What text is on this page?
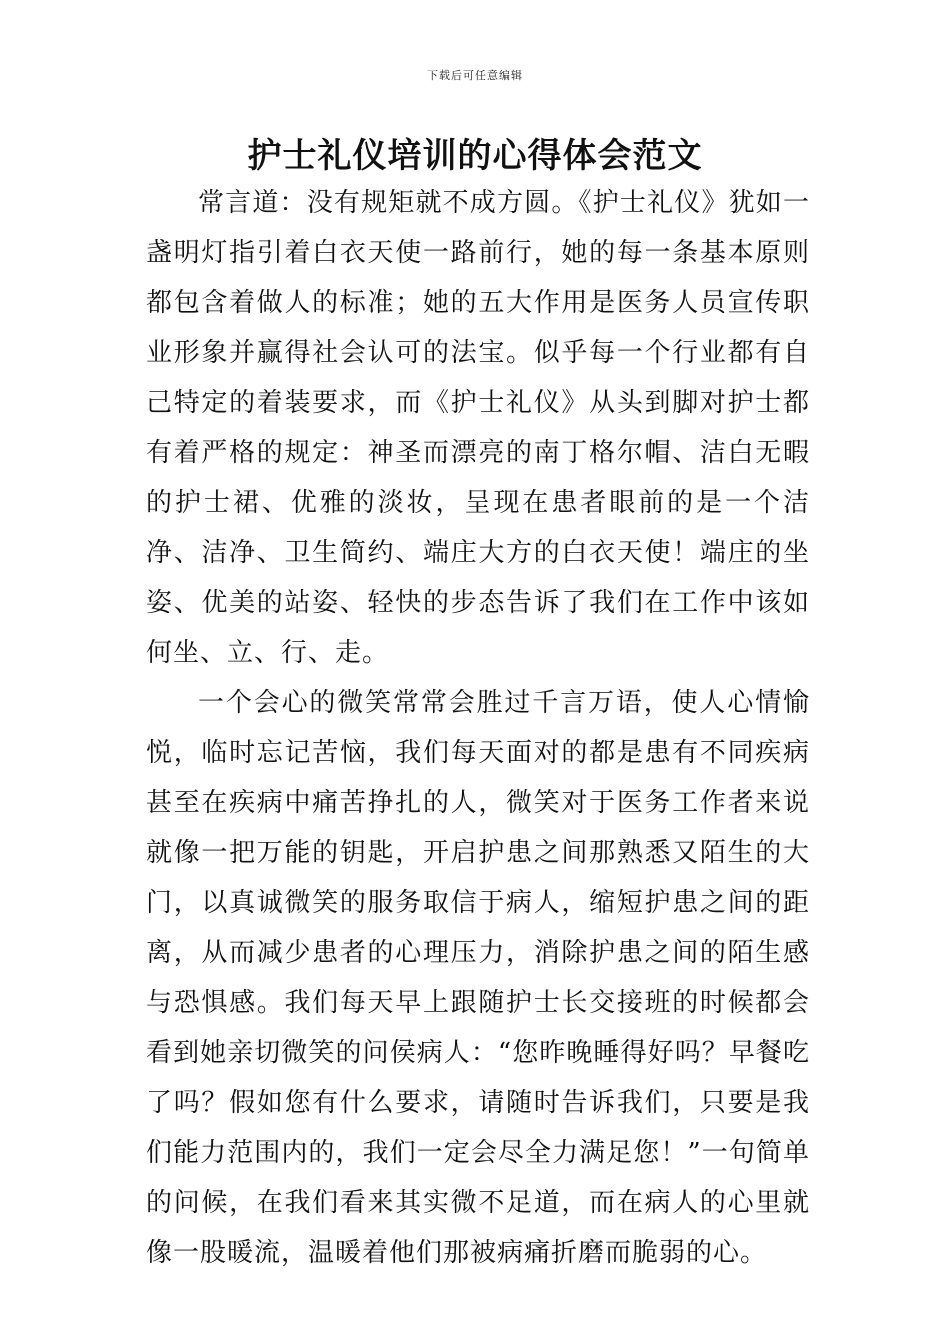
下载后可任意编辑
护士礼仪培训的心得体会范文

常言道：没有规矩就不成方圆。《护士礼仪》犹如一盏明灯指引着白衣天使一路前行，她的每一条基本原则都包含着做人的标准；她的五大作用是医务人员宣传职业形象并赢得社会认可的法宝。似乎每一个行业都有自己特定的着装要求，而《护士礼仪》从头到脚对护士都有着严格的规定：神圣而漂亮的南丁格尔帽、洁白无暇的护士裙、优雅的淡妆，呈现在患者眼前的是一个洁净、洁净、卫生简约、端庄大方的白衣天使！端庄的坐姿、优美的站姿、轻快的步态告诉了我们在工作中该如何坐、立、行、走。

一个会心的微笑常常会胜过千言万语，使人心情愉悦，临时忘记苦恼，我们每天面对的都是患有不同疾病甚至在疾病中痛苦挣扎的人，微笑对于医务工作者来说就像一把万能的钥匙，开启护患之间那熟悉又陌生的大门，以真诚微笑的服务取信于病人，缩短护患之间的距离，从而减少患者的心理压力，消除护患之间的陌生感与恐惧感。我们每天早上跟随护士长交接班的时候都会看到她亲切微笑的问侯病人：“您昨晚睡得好吗？早餐吃了吗？假如您有什么要求，请随时告诉我们，只要是我们能力范围内的，我们一定会尽全力满足您！”一句简单的问候，在我们看来其实微不足道，而在病人的心里就像一股暖流，温暖着他们那被病痛折磨而脆弱的心。
